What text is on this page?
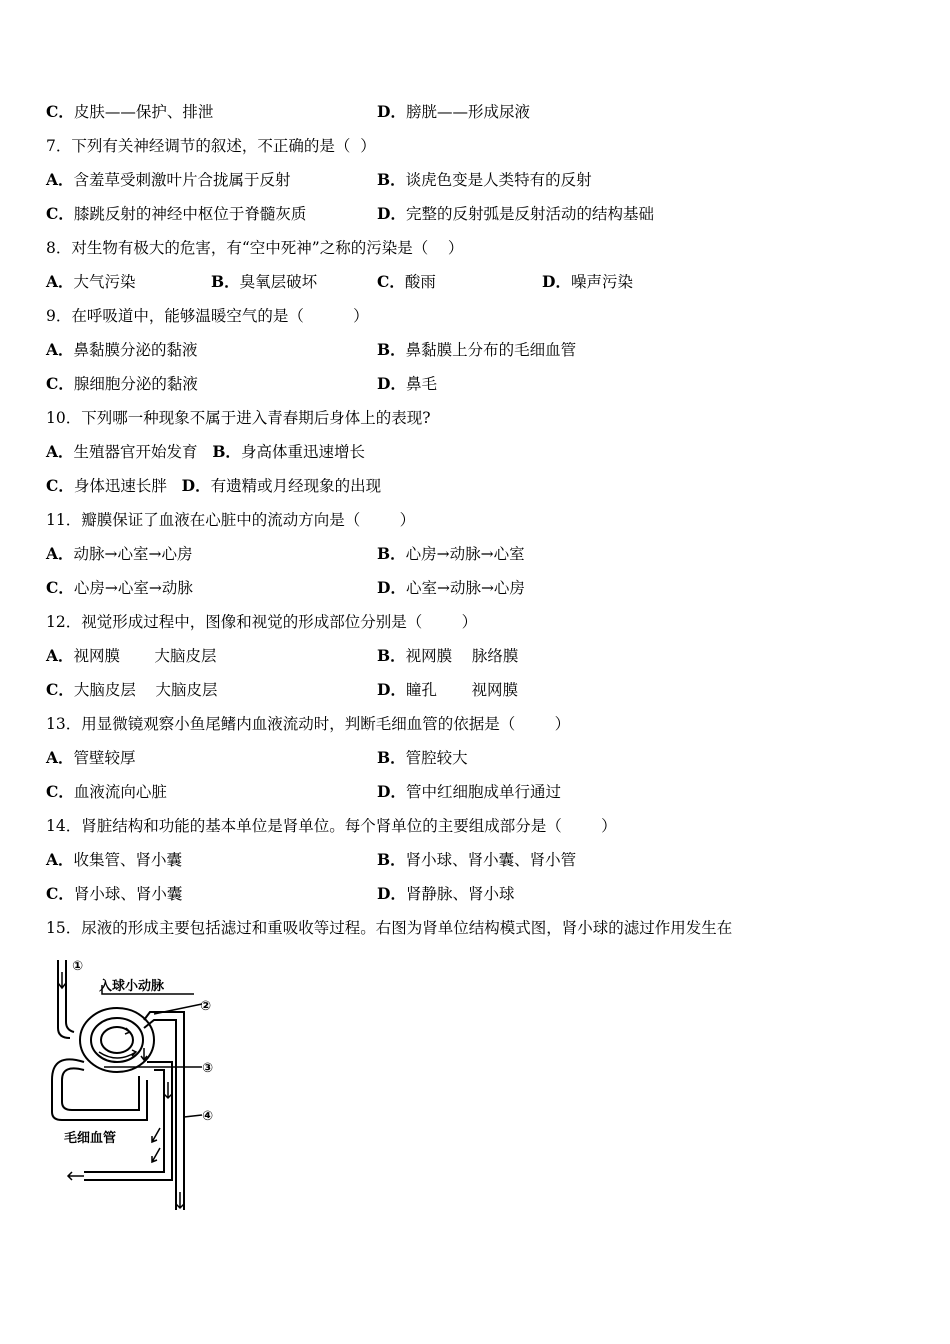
C．皮肤——保护、排泄	D．膀胱——形成尿液
7．下列有关神经调节的叙述，不正确的是（  ）
A．含羞草受刺激叶片合拢属于反射	B．谈虎色变是人类特有的反射
C．膝跳反射的神经中枢位于脊髓灰质	D．完整的反射弧是反射活动的结构基础
8．对生物有极大的危害，有“空中死神”之称的污染是（    ）
A．大气污染	B．臭氧层破坏	C．酸雨	D．噪声污染
9．在呼吸道中，能够温暖空气的是（          ）
A．鼻黏膜分泌的黏液	B．鼻黏膜上分布的毛细血管
C．腺细胞分泌的黏液	D．鼻毛
10．下列哪一种现象不属于进入青春期后身体上的表现?
A．生殖器官开始发育   B．身高体重迅速增长
C．身体迅速长胖   D．有遗精或月经现象的出现
11．瓣膜保证了血液在心脏中的流动方向是（        ）
A．动脉→心室→心房	B．心房→动脉→心室
C．心房→心室→动脉	D．心室→动脉→心房
12．视觉形成过程中，图像和视觉的形成部位分别是（        ）
A．视网膜       大脑皮层	B．视网膜    脉络膜
C．大脑皮层    大脑皮层	D．瞳孔       视网膜
13．用显微镜观察小鱼尾鳍内血液流动时，判断毛细血管的依据是（        ）
A．管壁较厚	B．管腔较大
C．血液流向心脏	D．管中红细胞成单行通过
14．肾脏结构和功能的基本单位是肾单位。每个肾单位的主要组成部分是（        ）
A．收集管、肾小囊	B．肾小球、肾小囊、肾小管
C．肾小球、肾小囊	D．肾静脉、肾小球
15．尿液的形成主要包括滤过和重吸收等过程。右图为肾单位结构模式图，肾小球的滤过作用发生在
①
入球小动脉
②
③
④
毛细血管
